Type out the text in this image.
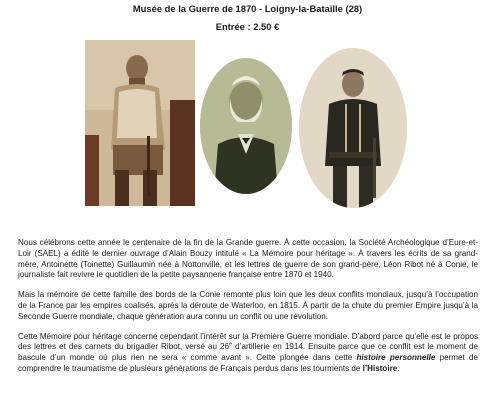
Musée de la Guerre de 1870 - Loigny-la-Bataille (28)
Entrée : 2.50 €

Nous célébrons cette année le centenaire de la fin de la Grande guerre. À cette occasion, la Société Archéologique d’Eure-et-Loir (SAEL) a édité le dernier ouvrage d’Alain Bouzy intitulé « La Mémoire pour héritage ». À travers les écrits de sa grand-mère, Antoinette (Toinette) Guillaumin née à Nottonville, et les lettres de guerre de son grand-père, Léon Ribot né à Conie, le journaliste fait revivre le quotidien de la petite paysannerie française entre 1870 et 1940.

Mais la mémoire de cette famille des bords de la Conie remonte plus loin que les deux conflits mondiaux, jusqu’à l’occupation de la France par les empires coalisés, après la déroute de Waterloo, en 1815. À partir de la chute du premier Empire jusqu’à la Seconde Guerre mondiale, chaque génération aura connu un conflit ou une révolution.

Cette Mémoire pour héritage concerne cependant l’intérêt sur la Première Guerre mondiale. D’abord parce qu’elle est le propos des lettres et des carnets du brigadier Ribot, versé au 26e d’artillerie en 1914. Ensuite parce que ce conflit est le moment de bascule d’un monde où plus rien ne sera « comme avant ». Cette plongée dans cette histoire personnelle permet de comprendre le traumatisme de plusieurs générations de Français perdus dans les tourments de l’Histoire.
